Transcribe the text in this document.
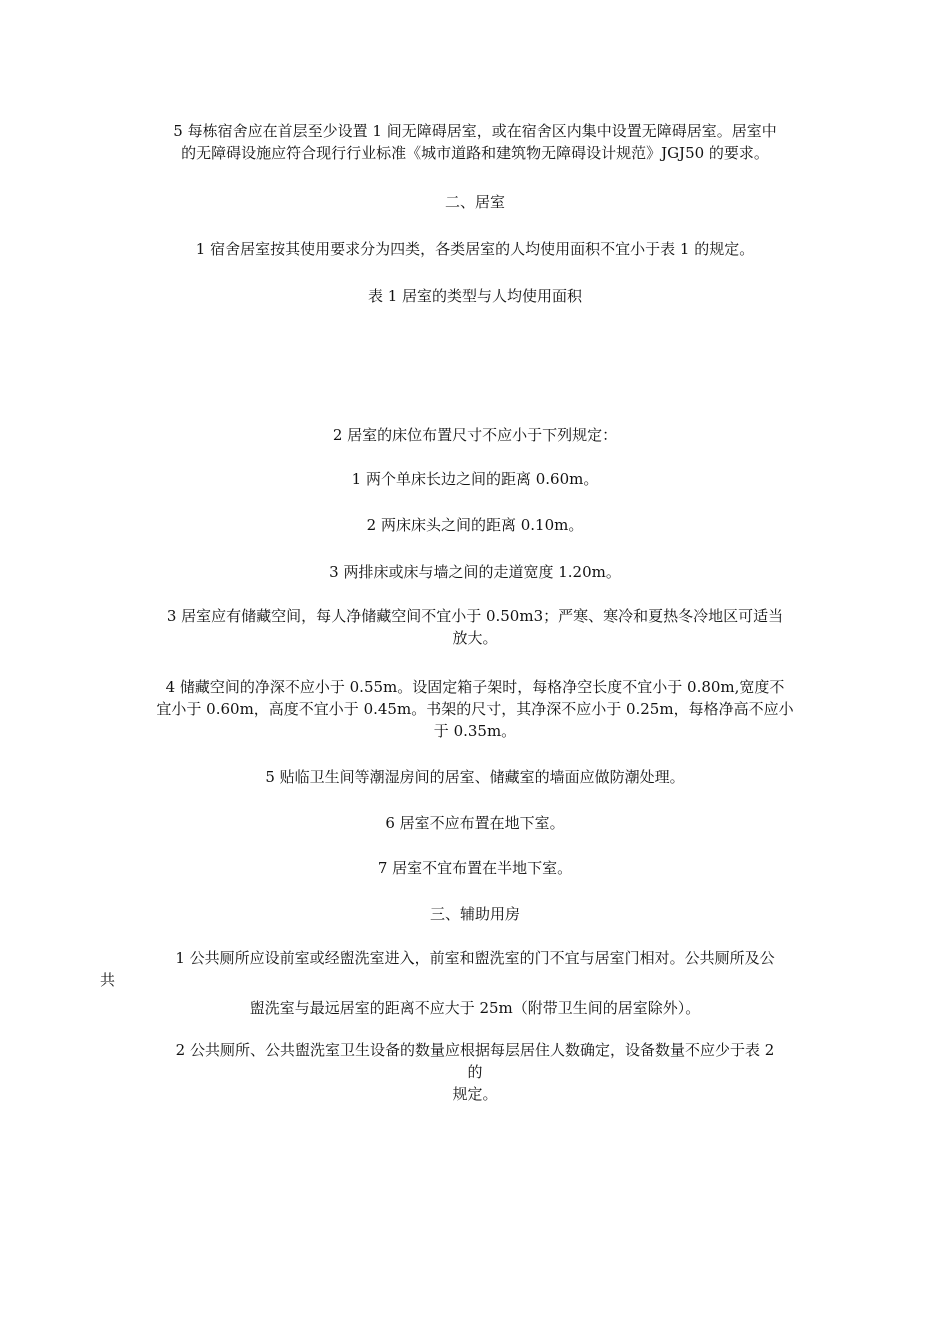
5 每栋宿舍应在首层至少设置 1 间无障碍居室，或在宿舍区内集中设置无障碍居室。居室中
的无障碍设施应符合现行行业标准《城市道路和建筑物无障碍设计规范》JGJ50 的要求。

二、居室

1 宿舍居室按其使用要求分为四类，各类居室的人均使用面积不宜小于表 1 的规定。

表 1 居室的类型与人均使用面积

2 居室的床位布置尺寸不应小于下列规定：

1 两个单床长边之间的距离 0.60m。

2 两床床头之间的距离 0.10m。

3 两排床或床与墙之间的走道宽度 1.20m。

3 居室应有储藏空间，每人净储藏空间不宜小于 0.50m3；严寒、寒冷和夏热冬冷地区可适当
放大。

4 储藏空间的净深不应小于 0.55m。设固定箱子架时，每格净空长度不宜小于 0.80m,宽度不
宜小于 0.60m，高度不宜小于 0.45m。书架的尺寸，其净深不应小于 0.25m，每格净高不应小
于 0.35m。

5 贴临卫生间等潮湿房间的居室、储藏室的墙面应做防潮处理。

6 居室不应布置在地下室。

7 居室不宜布置在半地下室。

三、辅助用房

1 公共厕所应设前室或经盥洗室进入，前室和盥洗室的门不宜与居室门相对。公共厕所及公
共
盥洗室与最远居室的距离不应大于 25m（附带卫生间的居室除外）。

2 公共厕所、公共盥洗室卫生设备的数量应根据每层居住人数确定，设备数量不应少于表 2
的
规定。
